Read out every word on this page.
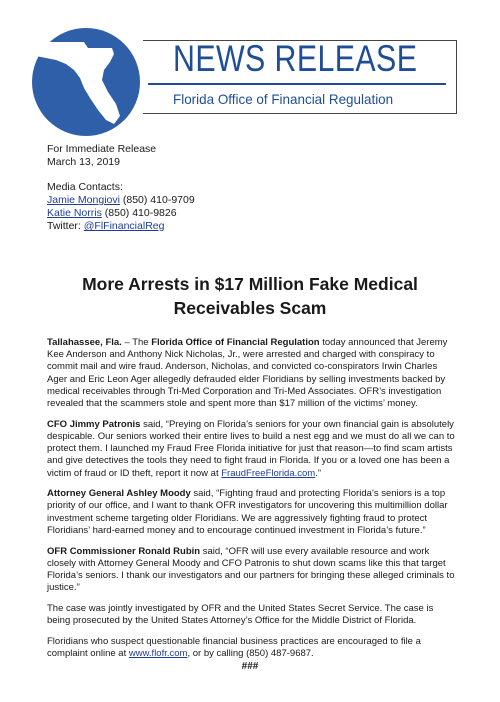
NEWS RELEASE
Florida Office of Financial Regulation
For Immediate Release
March 13, 2019
Media Contacts:
Jamie Mongiovi (850) 410-9709
Katie Norris (850) 410-9826
Twitter: @FlFinancialReg
More Arrests in $17 Million Fake Medical Receivables Scam

Tallahassee, Fla. – The Florida Office of Financial Regulation today announced that Jeremy Kee Anderson and Anthony Nick Nicholas, Jr., were arrested and charged with conspiracy to commit mail and wire fraud. Anderson, Nicholas, and convicted co-conspirators Irwin Charles Ager and Eric Leon Ager allegedly defrauded elder Floridians by selling investments backed by medical receivables through Tri-Med Corporation and Tri-Med Associates. OFR’s investigation revealed that the scammers stole and spent more than $17 million of the victims’ money.

CFO Jimmy Patronis said, “Preying on Florida’s seniors for your own financial gain is absolutely despicable. Our seniors worked their entire lives to build a nest egg and we must do all we can to protect them. I launched my Fraud Free Florida initiative for just that reason—to find scam artists and give detectives the tools they need to fight fraud in Florida. If you or a loved one has been a victim of fraud or ID theft, report it now at FraudFreeFlorida.com.”

Attorney General Ashley Moody said, “Fighting fraud and protecting Florida’s seniors is a top priority of our office, and I want to thank OFR investigators for uncovering this multimillion dollar investment scheme targeting older Floridians. We are aggressively fighting fraud to protect Floridians’ hard-earned money and to encourage continued investment in Florida’s future.”

OFR Commissioner Ronald Rubin said, “OFR will use every available resource and work closely with Attorney General Moody and CFO Patronis to shut down scams like this that target Florida’s seniors. I thank our investigators and our partners for bringing these alleged criminals to justice.”

The case was jointly investigated by OFR and the United States Secret Service. The case is being prosecuted by the United States Attorney’s Office for the Middle District of Florida.

Floridians who suspect questionable financial business practices are encouraged to file a complaint online at www.flofr.com, or by calling (850) 487-9687.

###
